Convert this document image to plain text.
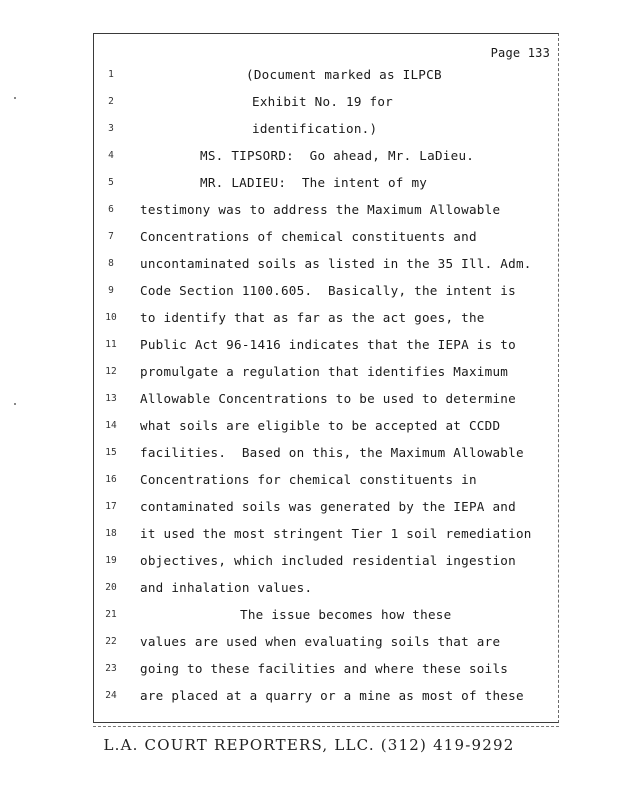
Page 133
1	(Document marked as ILPCB
2	Exhibit No. 19 for
3	identification.)
4	MS. TIPSORD:  Go ahead, Mr. LaDieu.
5	MR. LADIEU:  The intent of my
6	testimony was to address the Maximum Allowable
7	Concentrations of chemical constituents and
8	uncontaminated soils as listed in the 35 Ill. Adm.
9	Code Section 1100.605.  Basically, the intent is
10 to identify that as far as the act goes, the
11 Public Act 96-1416 indicates that the IEPA is to
12 promulgate a regulation that identifies Maximum
13 Allowable Concentrations to be used to determine
14 what soils are eligible to be accepted at CCDD
15 facilities.  Based on this, the Maximum Allowable
16 Concentrations for chemical constituents in
17 contaminated soils was generated by the IEPA and
18 it used the most stringent Tier 1 soil remediation
19 objectives, which included residential ingestion
20 and inhalation values.
21	The issue becomes how these
22 values are used when evaluating soils that are
23 going to these facilities and where these soils
24 are placed at a quarry or a mine as most of these
L.A. COURT REPORTERS, LLC. (312) 419-9292
